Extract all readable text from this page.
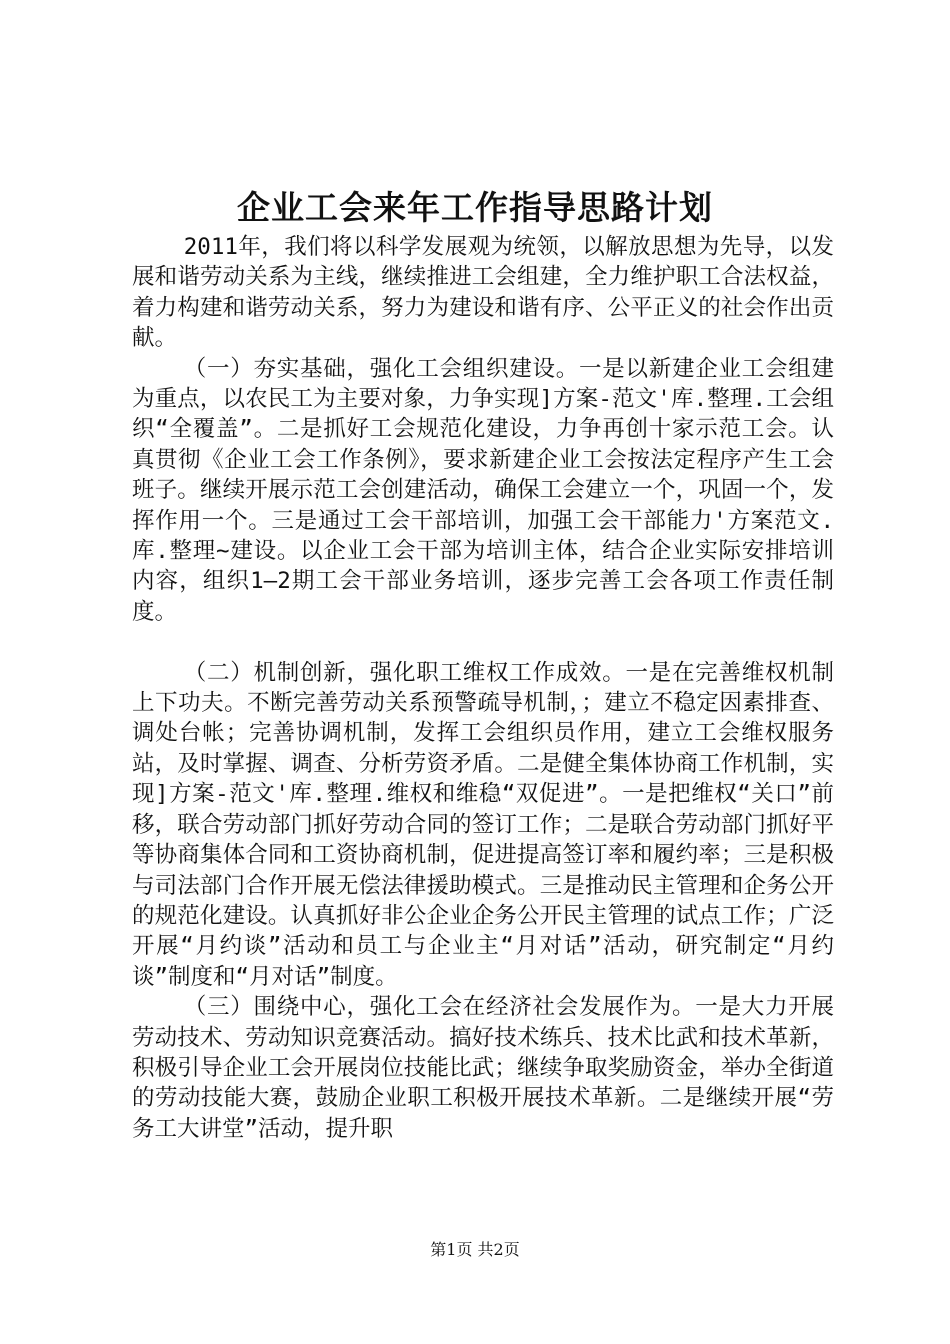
企业工会来年工作指导思路计划

2011年，我们将以科学发展观为统领，以解放思想为先导，以发展和谐劳动关系为主线，继续推进工会组建，全力维护职工合法权益，着力构建和谐劳动关系，努力为建设和谐有序、公平正义的社会作出贡献。

（一）夯实基础，强化工会组织建设。一是以新建企业工会组建为重点，以农民工为主要对象，力争实现]方案-范文'库.整理.工会组织“全覆盖”。二是抓好工会规范化建设，力争再创十家示范工会。认真贯彻《企业工会工作条例》，要求新建企业工会按法定程序产生工会班子。继续开展示范工会创建活动，确保工会建立一个，巩固一个，发挥作用一个。三是通过工会干部培训，加强工会干部能力'方案范文.库.整理~建设。以企业工会干部为培训主体，结合企业实际安排培训内容，组织1—2期工会干部业务培训，逐步完善工会各项工作责任制度。

（二）机制创新，强化职工维权工作成效。一是在完善维权机制上下功夫。不断完善劳动关系预警疏导机制，；建立不稳定因素排查、调处台帐；完善协调机制，发挥工会组织员作用，建立工会维权服务站，及时掌握、调查、分析劳资矛盾。二是健全集体协商工作机制，实现]方案-范文'库.整理.维权和维稳“双促进”。一是把维权“关口”前移，联合劳动部门抓好劳动合同的签订工作；二是联合劳动部门抓好平等协商集体合同和工资协商机制，促进提高签订率和履约率；三是积极与司法部门合作开展无偿法律援助模式。三是推动民主管理和企务公开的规范化建设。认真抓好非公企业企务公开民主管理的试点工作；广泛开展“月约谈”活动和员工与企业主“月对话”活动，研究制定“月约谈”制度和“月对话”制度。

（三）围绕中心，强化工会在经济社会发展作为。一是大力开展劳动技术、劳动知识竞赛活动。搞好技术练兵、技术比武和技术革新，积极引导企业工会开展岗位技能比武；继续争取奖励资金，举办全街道的劳动技能大赛，鼓励企业职工积极开展技术革新。二是继续开展“劳务工大讲堂”活动，提升职

第1页 共2页
